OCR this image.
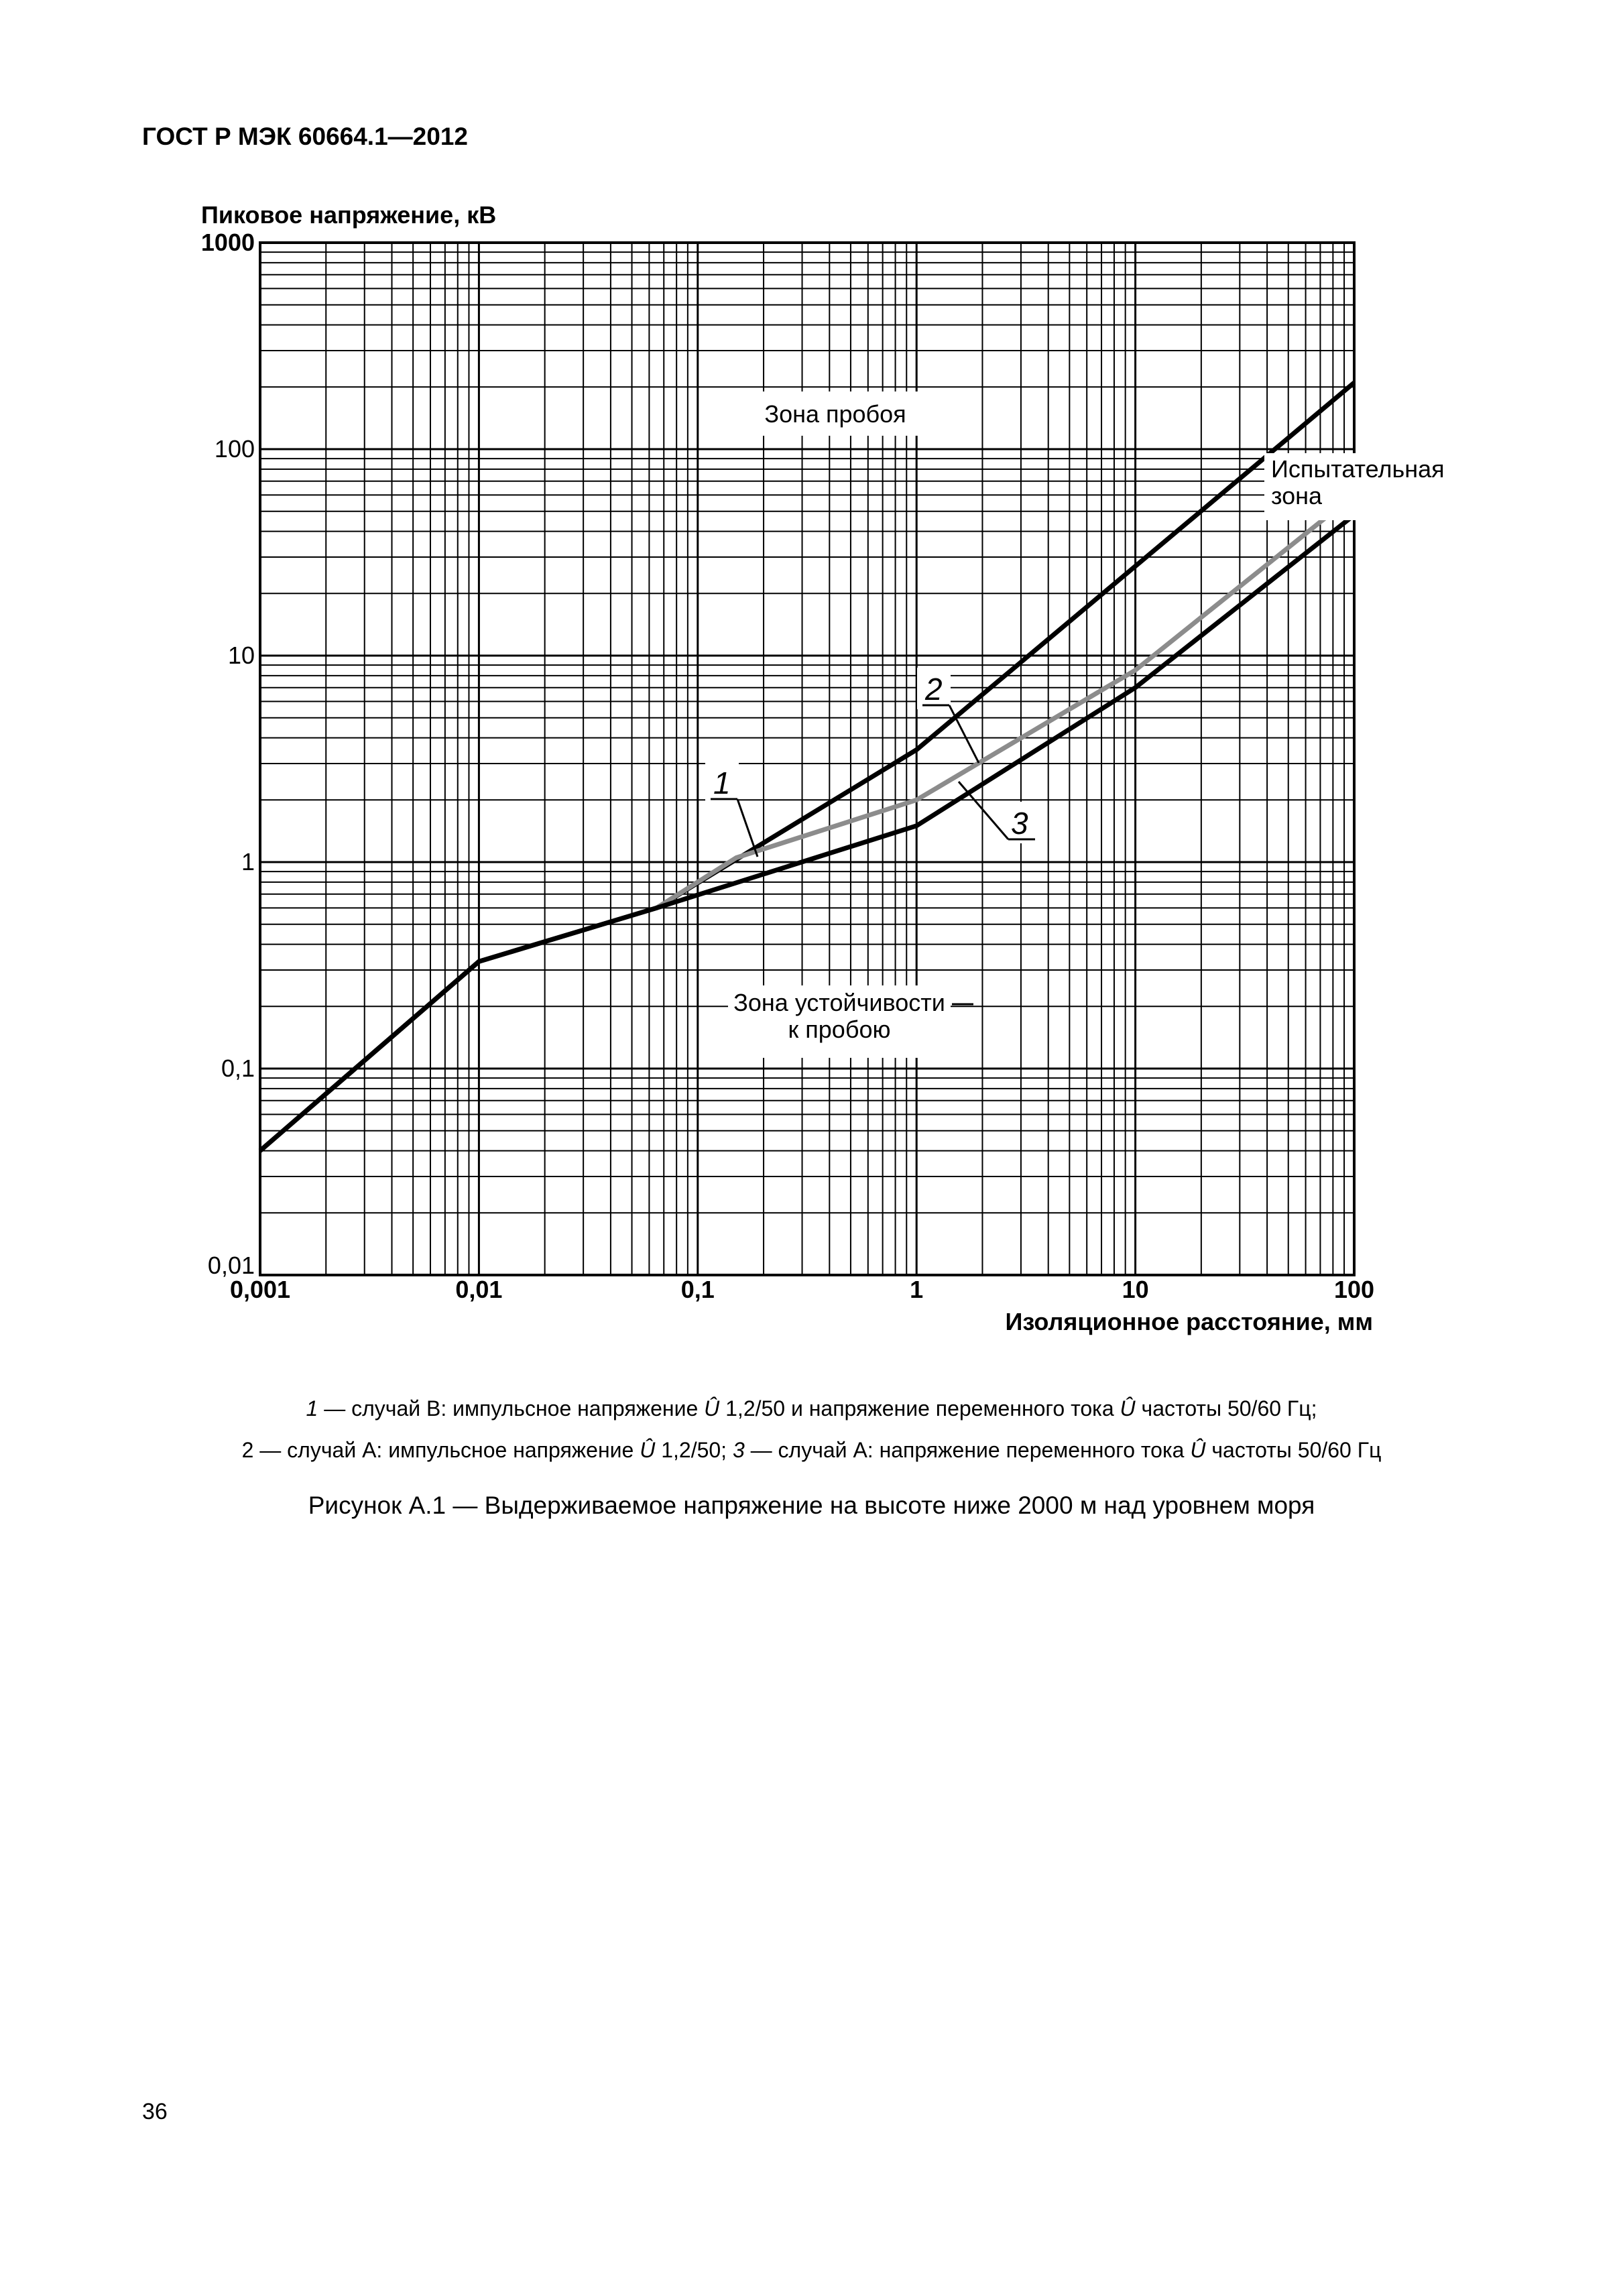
ГОСТ Р МЭК 60664.1—2012
0,001	0,01	0,1	1	10	100
0,01
0,1
1
10
100
1000
Пиковое напряжение, кВ
Изоляционное расстояние, мм
Зона пробоя
Испытательная
зона
Зона устойчивости
к пробою
1
2
3
1 — случай B: импульсное напряжение Û 1,2/50 и напряжение переменного тока Û частоты 50/60 Гц;
2 — случай А: импульсное напряжение Û 1,2/50; 3 — случай А: напряжение переменного тока Û частоты 50/60 Гц
Рисунок А.1 — Выдерживаемое напряжение на высоте ниже 2000 м над уровнем моря
36
